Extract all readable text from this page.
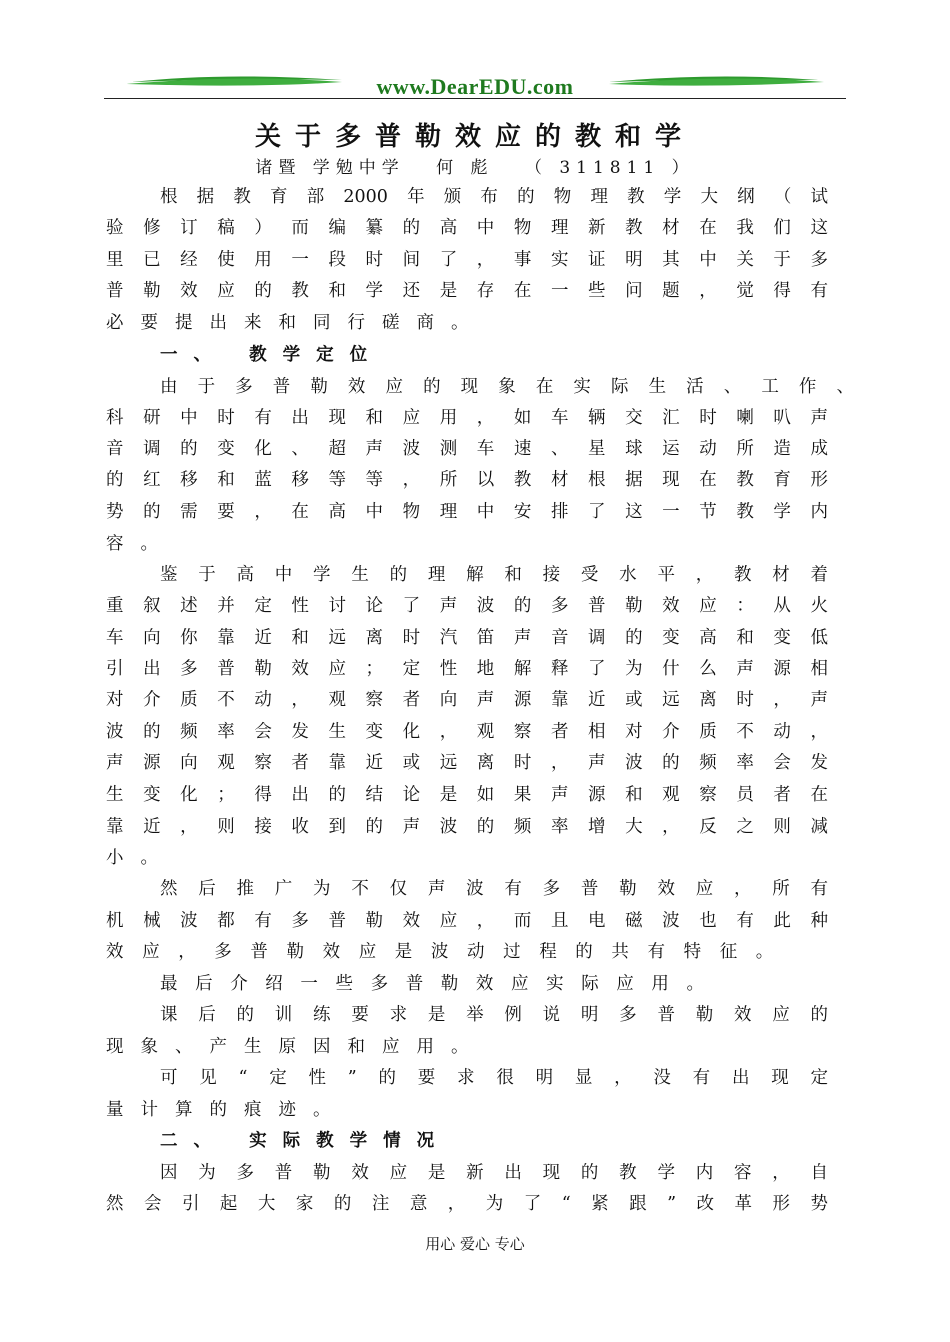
www.DearEDU.com
关于多普勒效应的教和学
诸暨 学勉中学 何 彪 （ 311811 ）
根据教育部2000年颁布的物理教学大纲（试
验修订稿）而编纂的高中物理新教材在我们这
里已经使用一段时间了，事实证明其中关于多
普勒效应的教和学还是存在一些问题，觉得有
必要提出来和同行磋商。
一、 教学定位
由于多普勒效应的现象在实际生活、工作、
科研中时有出现和应用，如车辆交汇时喇叭声
音调的变化、超声波测车速、星球运动所造成
的红移和蓝移等等，所以教材根据现在教育形
势的需要，在高中物理中安排了这一节教学内
容。
鉴于高中学生的理解和接受水平，教材着
重叙述并定性讨论了声波的多普勒效应：从火
车向你靠近和远离时汽笛声音调的变高和变低
引出多普勒效应；定性地解释了为什么声源相
对介质不动，观察者向声源靠近或远离时，声
波的频率会发生变化，观察者相对介质不动，
声源向观察者靠近或远离时，声波的频率会发
生变化；得出的结论是如果声源和观察员者在
靠近，则接收到的声波的频率增大，反之则减
小。
然后推广为不仅声波有多普勒效应，所有
机械波都有多普勒效应，而且电磁波也有此种
效应，多普勒效应是波动过程的共有特征。
最后介绍一些多普勒效应实际应用。
课后的训练要求是举例说明多普勒效应的
现象、产生原因和应用。
可见“定性”的要求很明显，没有出现定
量计算的痕迹。
二、 实际教学情况
因为多普勒效应是新出现的教学内容，自
然会引起大家的注意，为了“紧跟”改革形势
用心 爱心 专心
